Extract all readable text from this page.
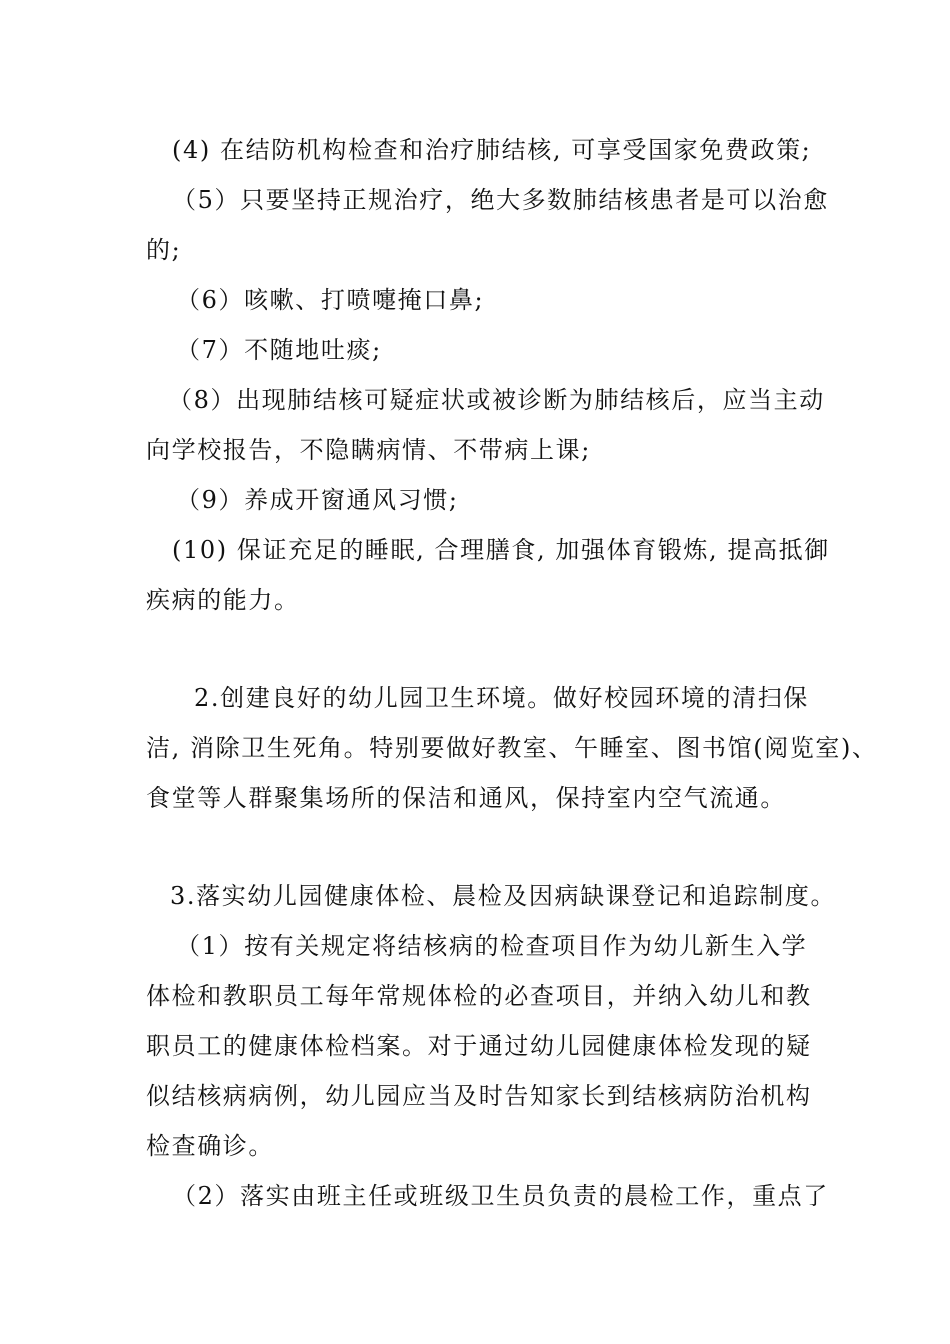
(4) 在结防机构检查和治疗肺结核, 可享受国家免费政策;
（5）只要坚持正规治疗，绝大多数肺结核患者是可以治愈
的;
（6）咳嗽、打喷嚏掩口鼻;
（7）不随地吐痰;
（8）出现肺结核可疑症状或被诊断为肺结核后，应当主动
向学校报告，不隐瞒病情、不带病上课;
（9）养成开窗通风习惯;
(10) 保证充足的睡眠, 合理膳食, 加强体育锻炼, 提高抵御
疾病的能力。
2.创建良好的幼儿园卫生环境。做好校园环境的清扫保
洁, 消除卫生死角。特别要做好教室、午睡室、图书馆(阅览室)、
食堂等人群聚集场所的保洁和通风，保持室内空气流通。
3.落实幼儿园健康体检、晨检及因病缺课登记和追踪制度。
（1）按有关规定将结核病的检查项目作为幼儿新生入学
体检和教职员工每年常规体检的必查项目，并纳入幼儿和教
职员工的健康体检档案。对于通过幼儿园健康体检发现的疑
似结核病病例，幼儿园应当及时告知家长到结核病防治机构
检查确诊。
（2）落实由班主任或班级卫生员负责的晨检工作，重点了
